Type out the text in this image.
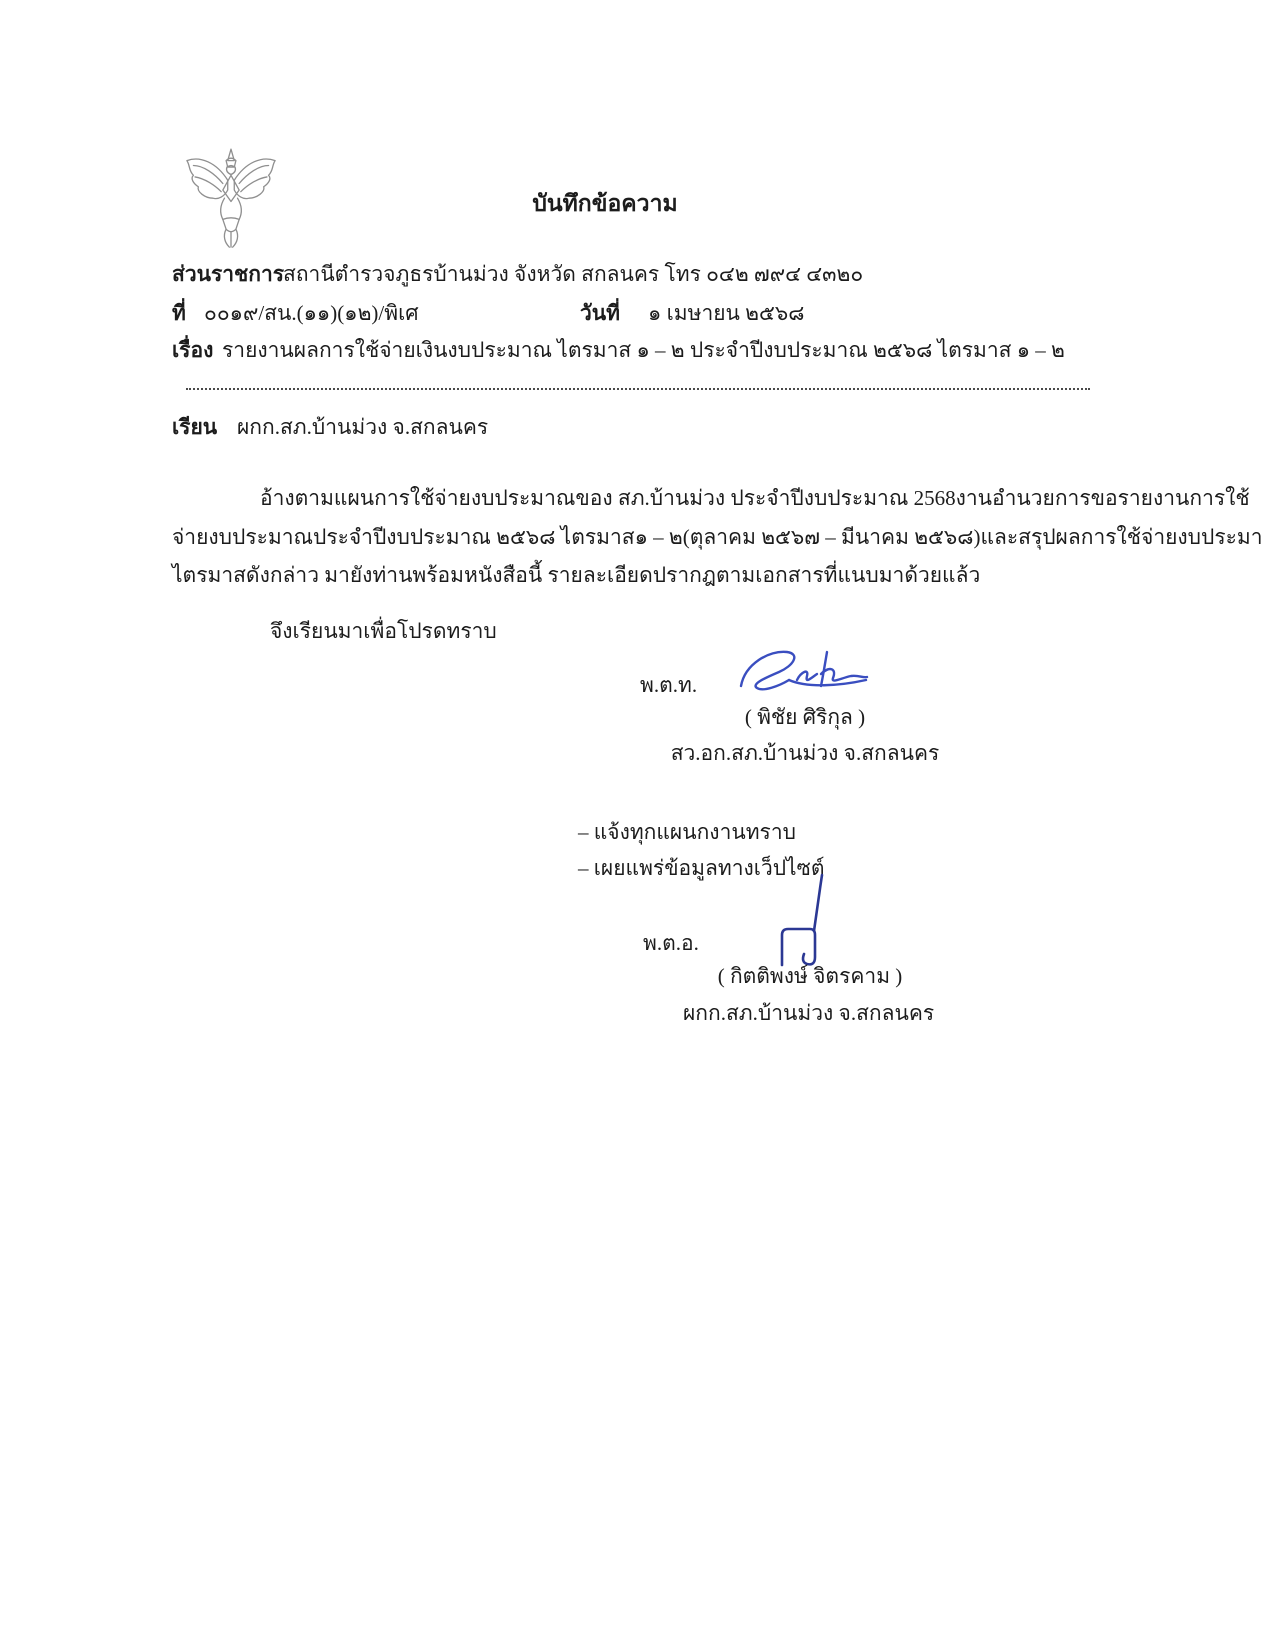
บันทึกข้อความ
ส่วนราชการ
สถานีตำรวจภูธรบ้านม่วง จังหวัด สกลนคร โทร ๐๔๒ ๗๙๔ ๔๓๒๐
ที่ ๐๐๑๙/สน.(๑๑)(๑๒)/พิเศ	วันที่ ๑ เมษายน ๒๕๖๘
เรื่อง รายงานผลการใช้จ่ายเงินงบประมาณ ไตรมาส ๑ – ๒ ประจำปีงบประมาณ ๒๕๖๘ ไตรมาส ๑ – ๒
เรียน ผกก.สภ.บ้านม่วง จ.สกลนคร
อ้างตามแผนการใช้จ่ายงบประมาณของ สภ.บ้านม่วง ประจำปีงบประมาณ 2568งานอำนวยการขอรายงานการใช้
จ่ายงบประมาณประจำปีงบประมาณ ๒๕๖๘ ไตรมาส๑ – ๒(ตุลาคม ๒๕๖๗ – มีนาคม ๒๕๖๘)และสรุปผลการใช้จ่ายงบประมา
ไตรมาสดังกล่าว มายังท่านพร้อมหนังสือนี้ รายละเอียดปรากฎตามเอกสารที่แนบมาด้วยแล้ว
จึงเรียนมาเพื่อโปรดทราบ
พ.ต.ท.
( พิชัย ศิริกุล )
สว.อก.สภ.บ้านม่วง จ.สกลนคร
– แจ้งทุกแผนกงานทราบ
– เผยแพร่ข้อมูลทางเว็ปไซต์
พ.ต.อ.
( กิตติพงษ์ จิตรคาม )
ผกก.สภ.บ้านม่วง จ.สกลนคร
